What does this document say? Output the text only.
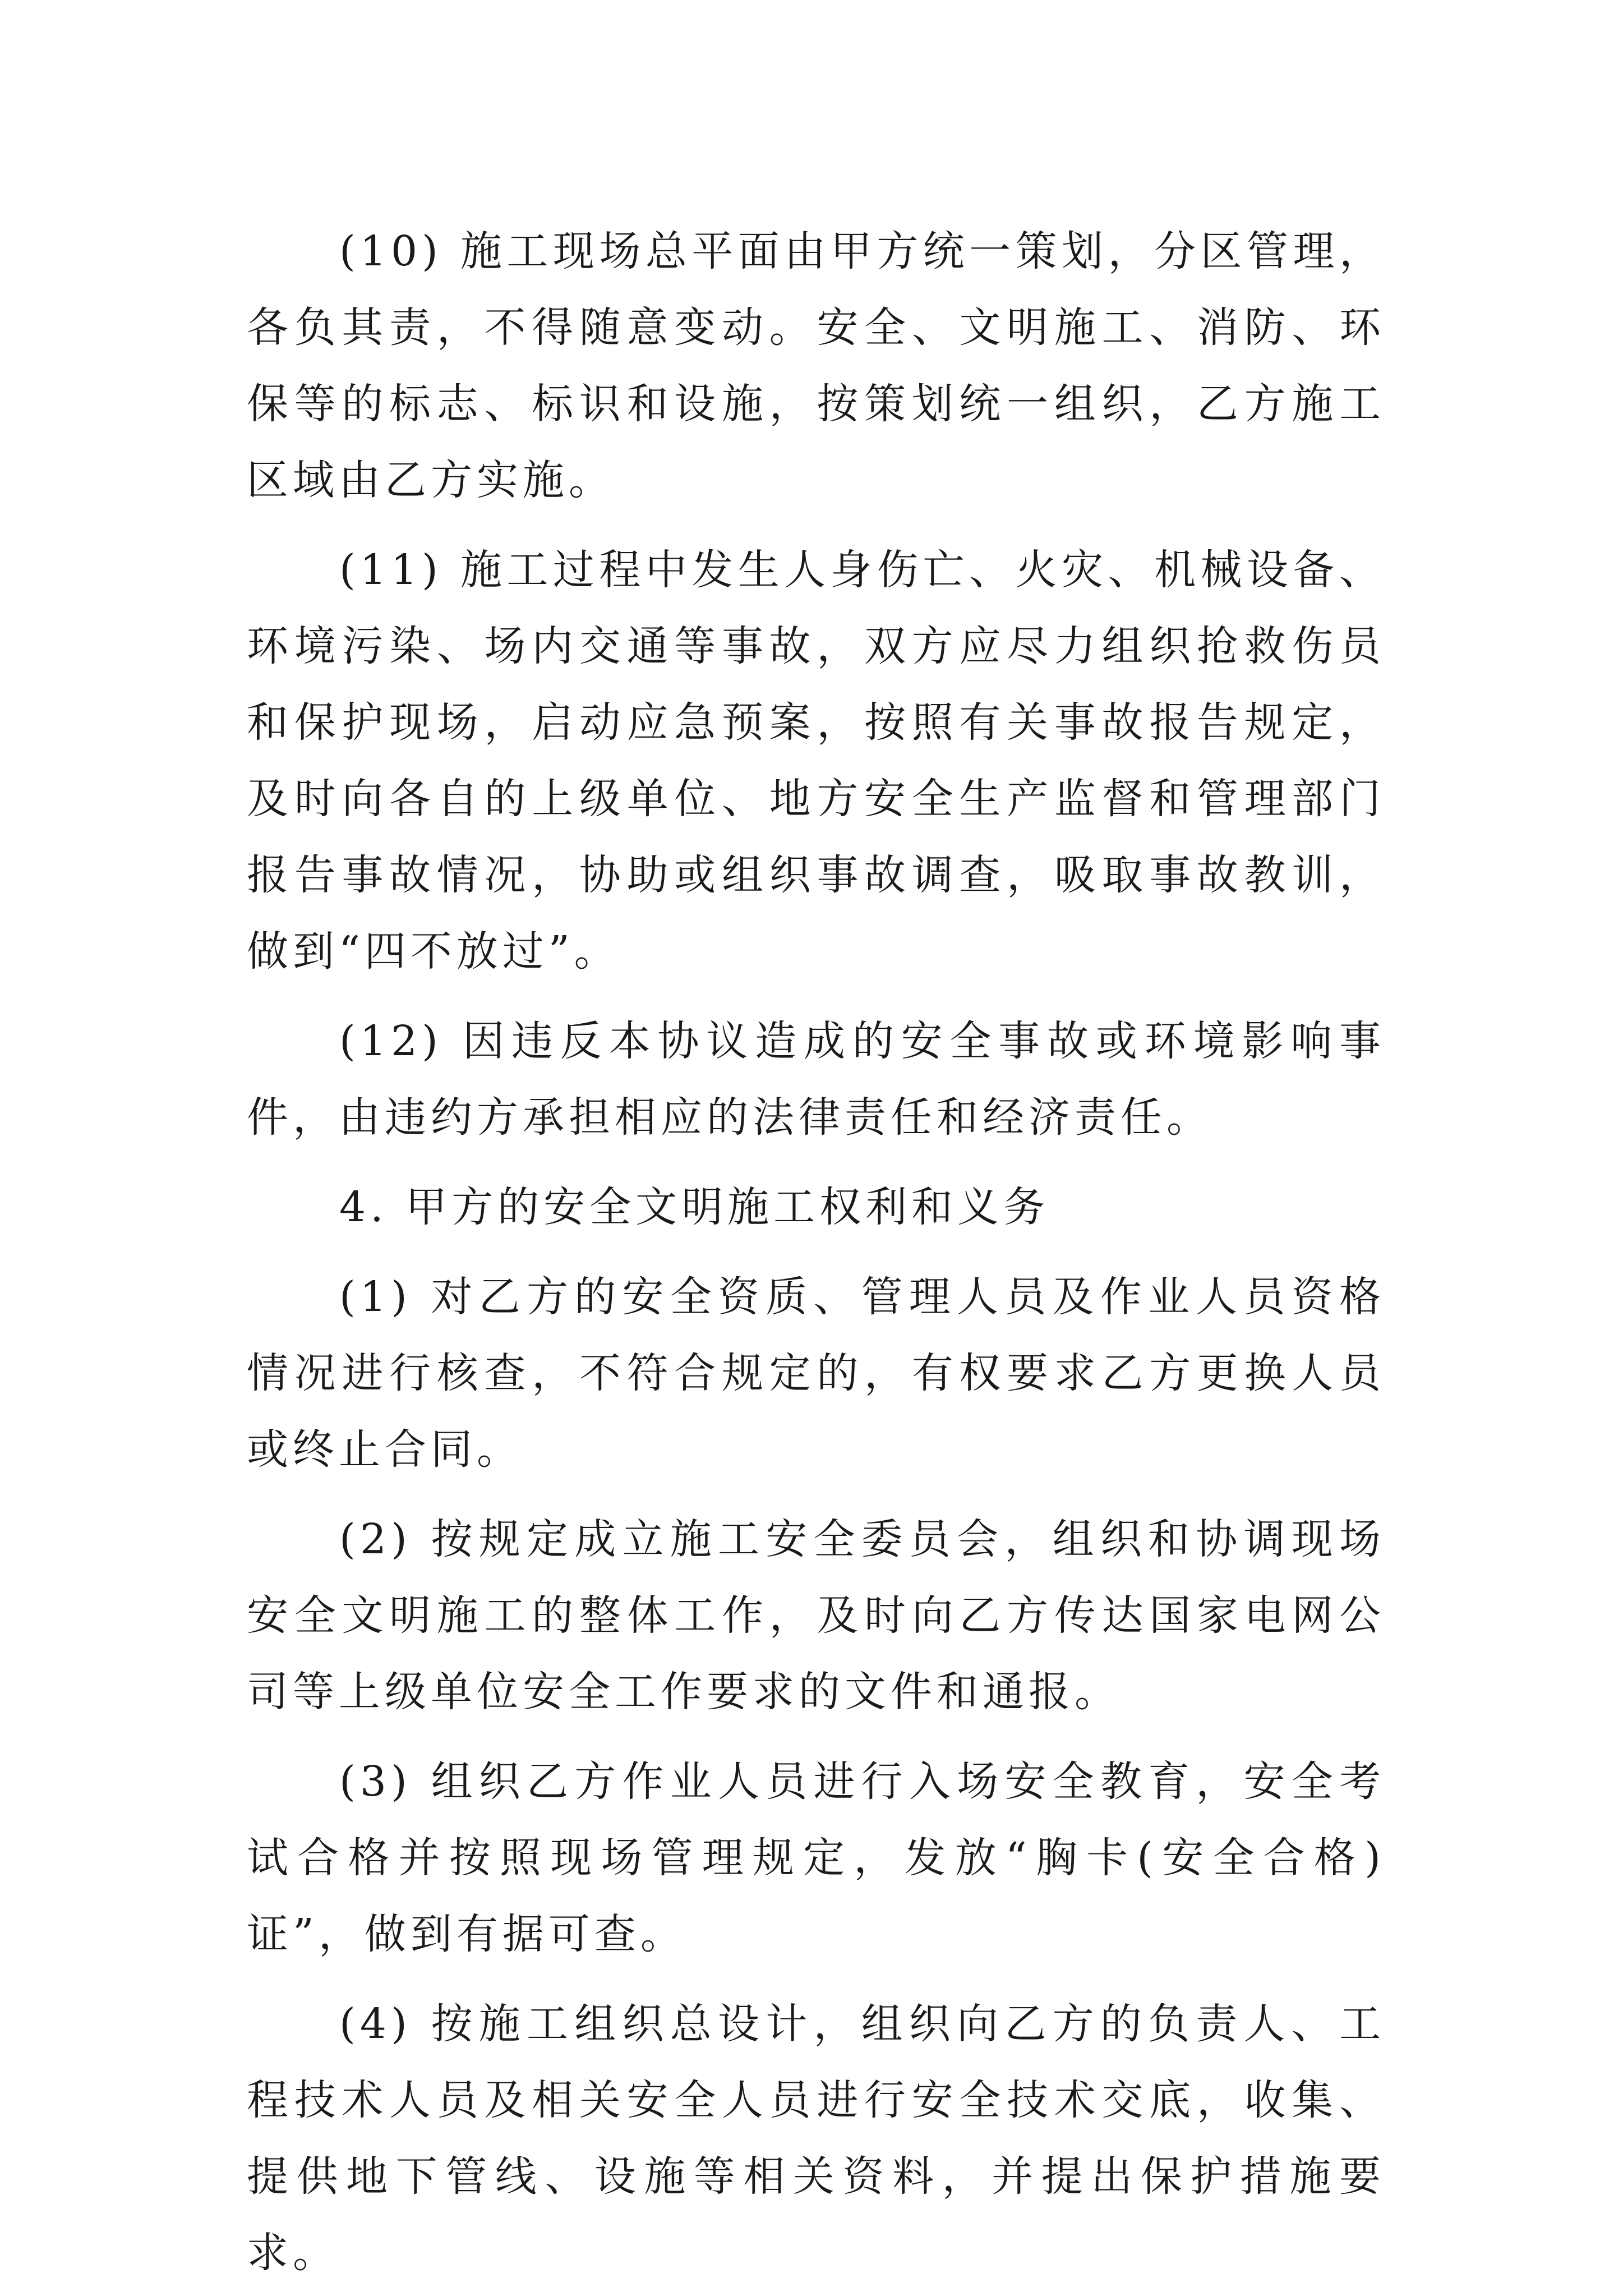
(10) 施工现场总平面由甲方统一策划，分区管理，各负其责，不得随意变动。安全、文明施工、消防、环保等的标志、标识和设施，按策划统一组织，乙方施工区域由乙方实施。

(11) 施工过程中发生人身伤亡、火灾、机械设备、环境污染、场内交通等事故，双方应尽力组织抢救伤员和保护现场，启动应急预案，按照有关事故报告规定，及时向各自的上级单位、地方安全生产监督和管理部门报告事故情况，协助或组织事故调查，吸取事故教训，做到“四不放过”。

(12) 因违反本协议造成的安全事故或环境影响事件，由违约方承担相应的法律责任和经济责任。

4. 甲方的安全文明施工权利和义务

(1) 对乙方的安全资质、管理人员及作业人员资格情况进行核查，不符合规定的，有权要求乙方更换人员或终止合同。

(2) 按规定成立施工安全委员会，组织和协调现场安全文明施工的整体工作，及时向乙方传达国家电网公司等上级单位安全工作要求的文件和通报。

(3) 组织乙方作业人员进行入场安全教育，安全考试合格并按照现场管理规定，发放“胸卡(安全合格)证”，做到有据可查。

(4) 按施工组织总设计，组织向乙方的负责人、工程技术人员及相关安全人员进行安全技术交底，收集、提供地下管线、设施等相关资料，并提出保护措施要求。
